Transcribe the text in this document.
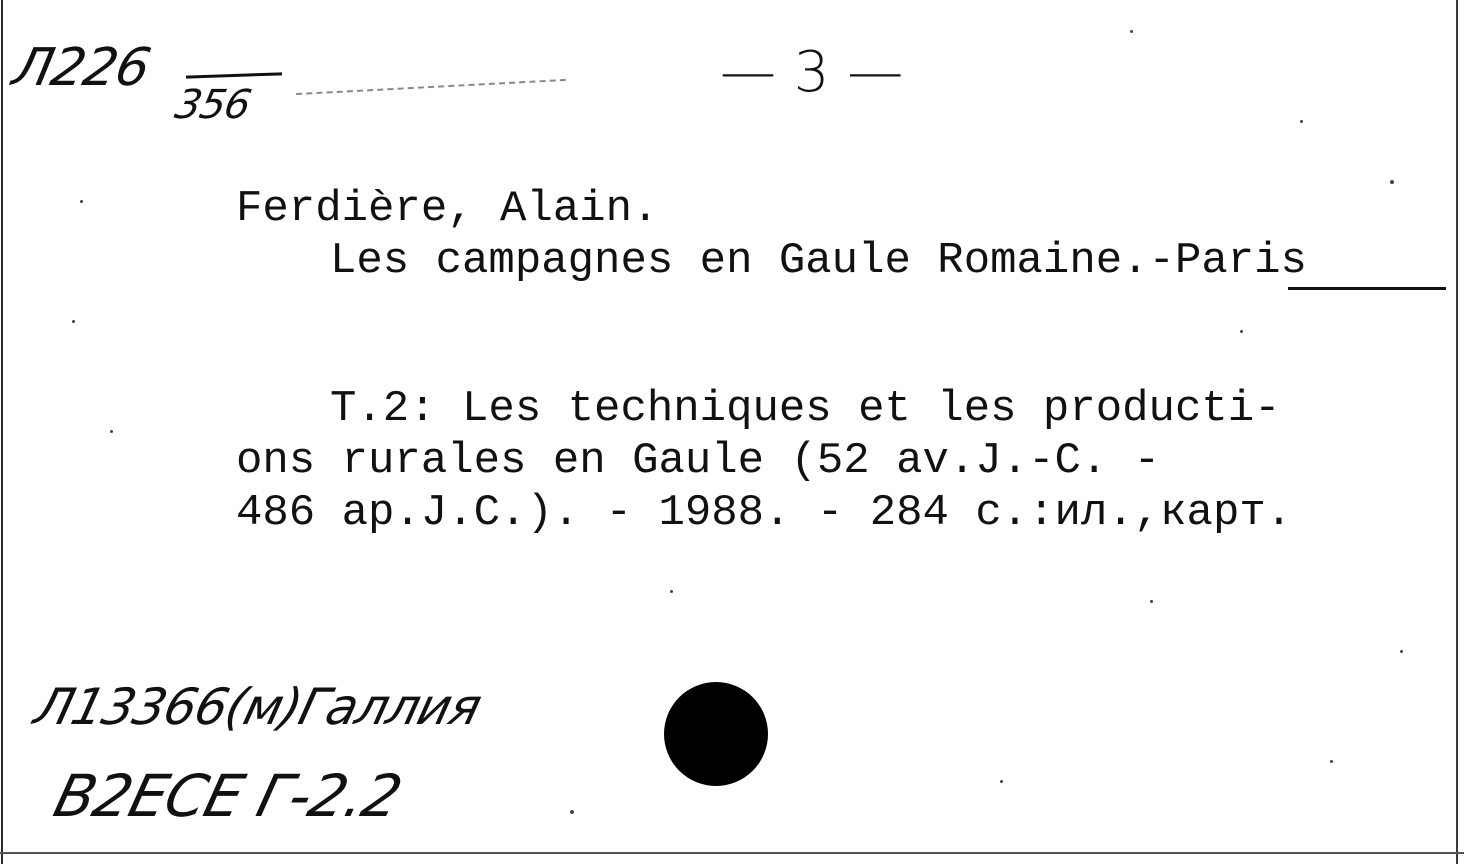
Л226
356	— 3 —
Ferdière, Alain.
Les campagnes en Gaule Romaine.-Paris
T.2: Les techniques et les producti-
ons rurales en Gaule (52 av.J.-C. -
486 ap.J.C.). - 1988. - 284 c.:ил.,карт.
Л13366(м)Галлия
В2ЕСЕ Г-2.2
